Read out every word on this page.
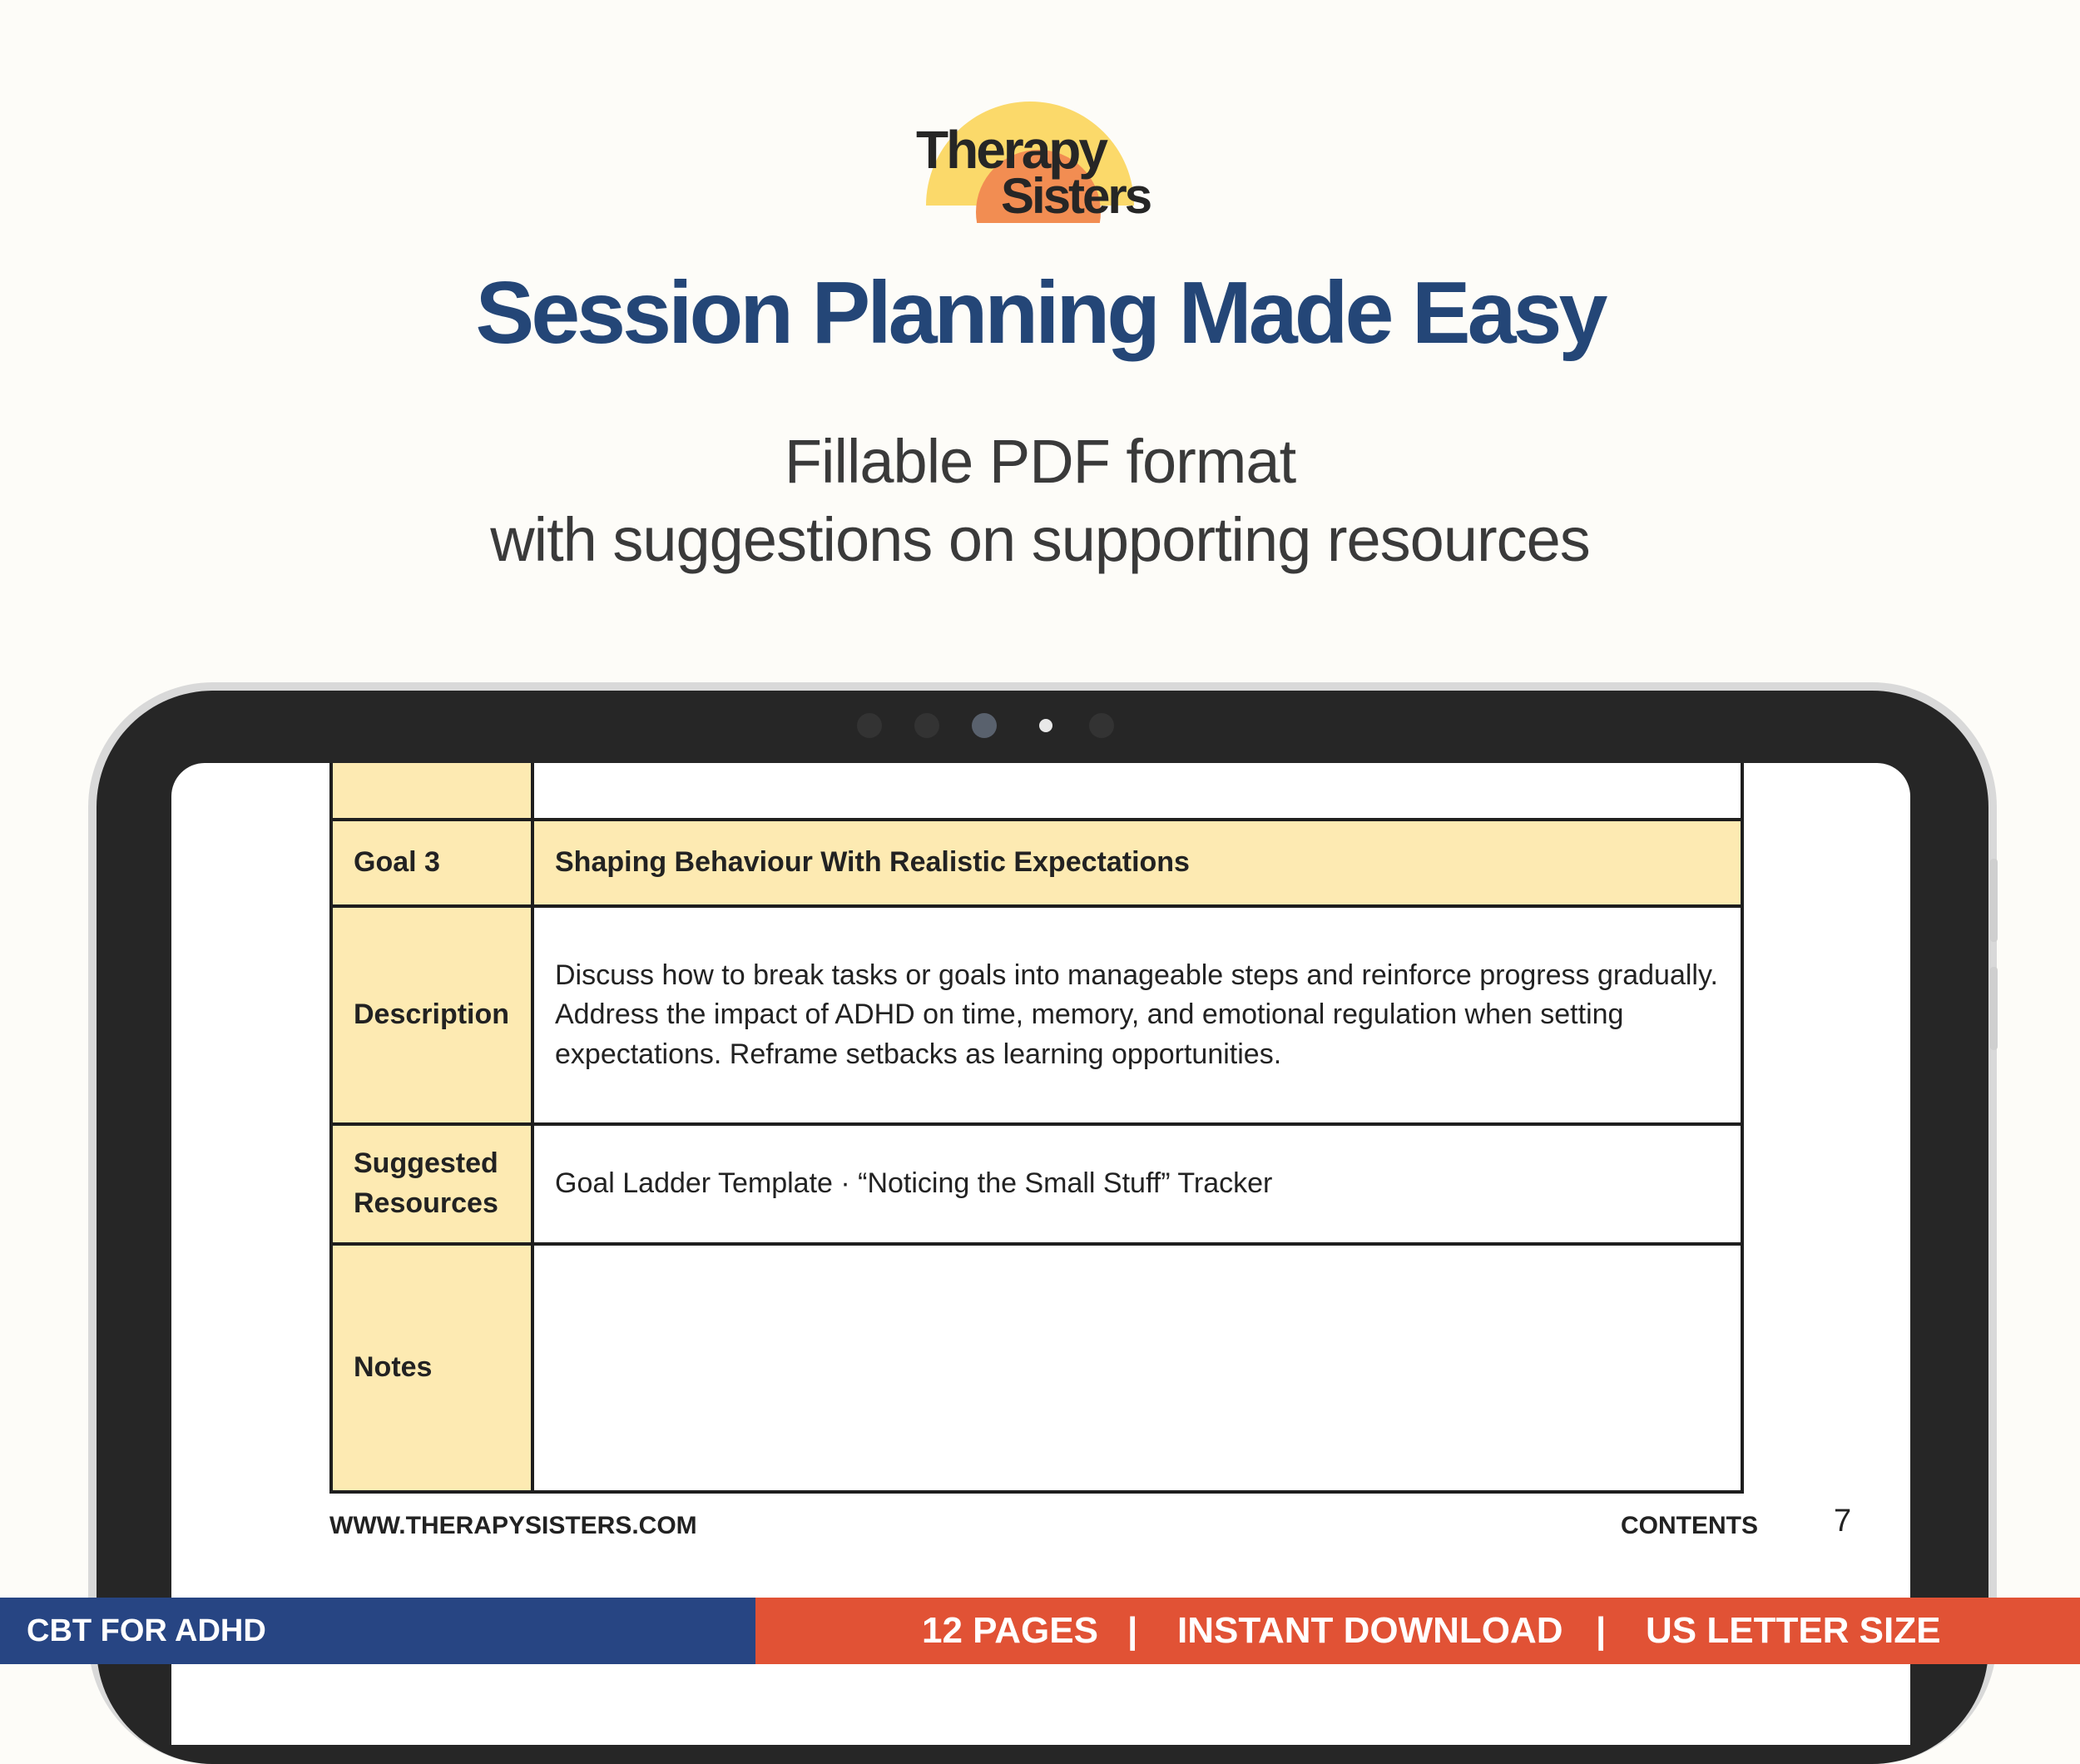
Therapy
Sisters
Session Planning Made Easy
Fillable PDF format
with suggestions on supporting resources

Goal 3	Shaping Behaviour With Realistic Expectations
Description	Discuss how to break tasks or goals into manageable steps and reinforce progress gradually. Address the impact of ADHD on time, memory, and emotional regulation when setting expectations. Reframe setbacks as learning opportunities.
Suggested
Resources	Goal Ladder Template · “Noticing the Small Stuff” Tracker
Notes	
WWW.THERAPYSISTERS.COM	CONTENTS 7
CBT FOR ADHD	12 PAGES | INSTANT DOWNLOAD | US LETTER SIZE
